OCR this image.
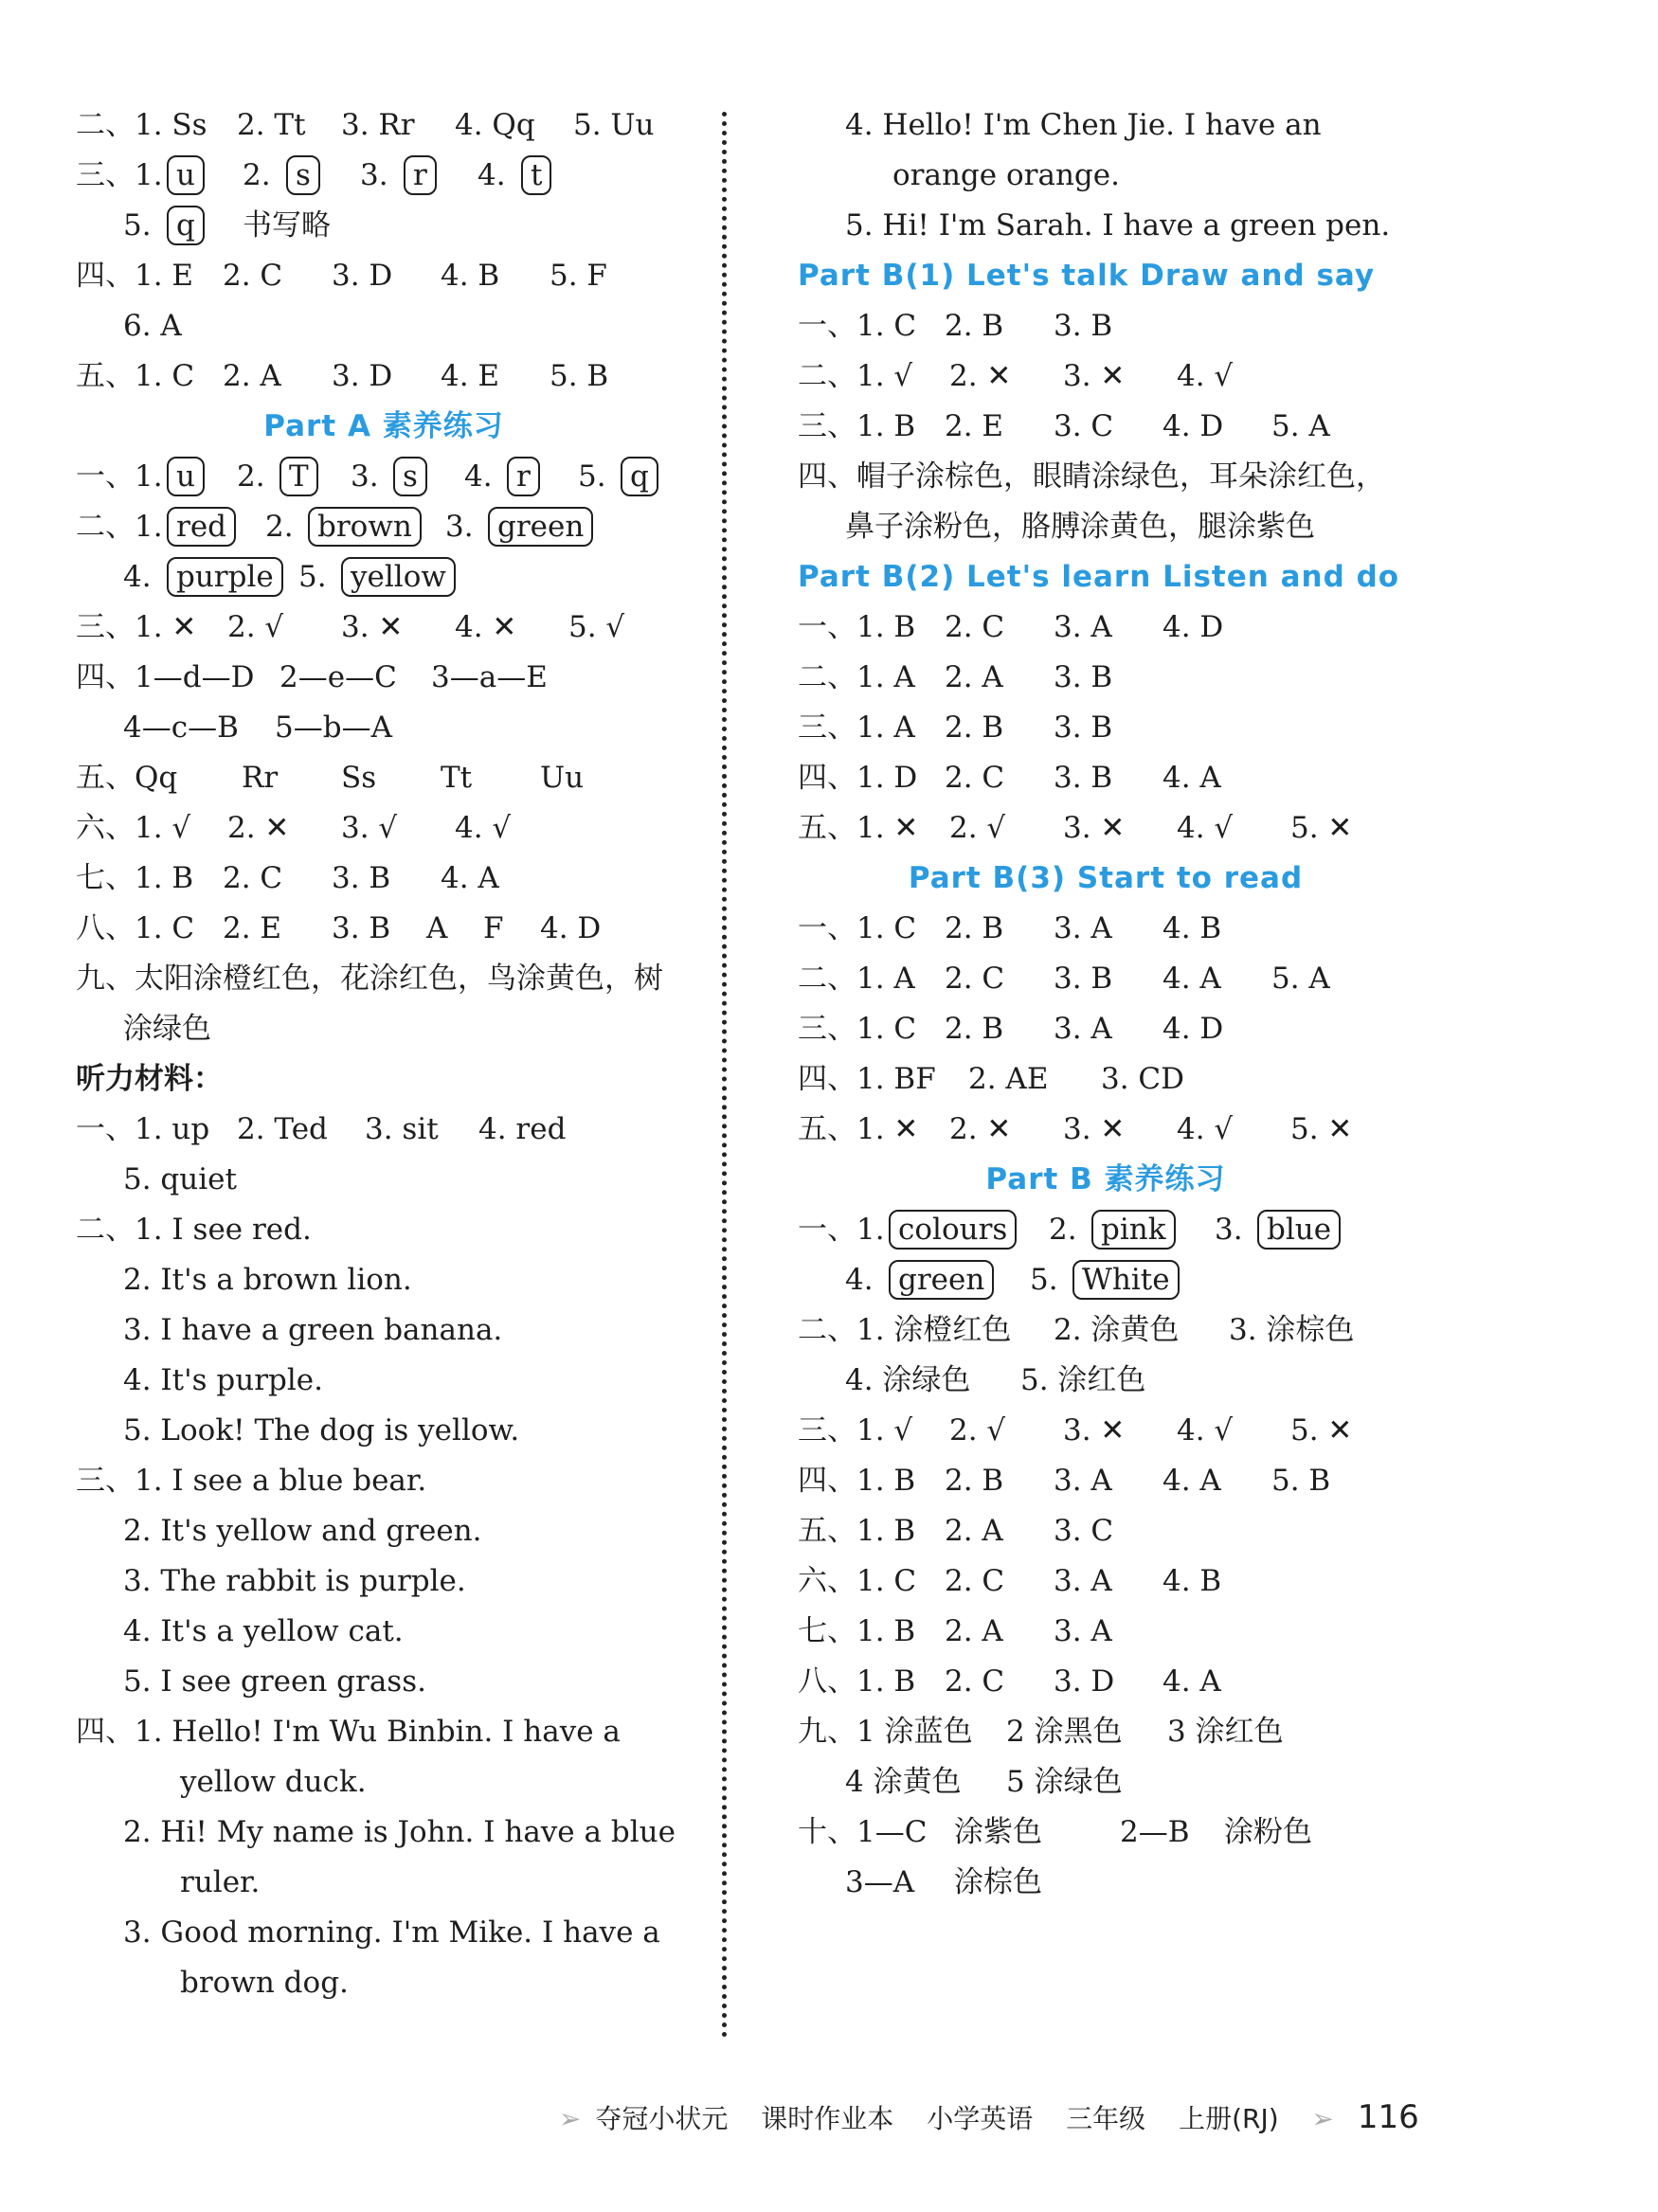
二、1. Ss 2. Tt 3. Rr 4. Qq 5. Uu
三、1. u	2. s	3. r	4. t
5. q	书写略
四、1. E 2. C 3. D 4. B 5. F
6. A
五、1. C 2. A 3. D 4. E 5. B
Part A 素养练习
一、1. u	2. T	3. s	4. r	5. q
二、1. red	2. brown	3. green
4. purple 5. yellow
三、1. ✕ 2. √ 3. ✕ 4. ✕ 5. √
四、1—d—D 2—e—C 3—a—E
4—c—B 5—b—A
五、Qq Rr Ss Tt Uu
六、1. √ 2. ✕ 3. √ 4. √
七、1. B 2. C 3. B 4. A
八、1. C 2. E 3. B A F 4. D
九、太阳涂橙红色，花涂红色，鸟涂黄色，树
涂绿色
听力材料：
一、1. up 2. Ted 3. sit 4. red
5. quiet
二、1. I see red.
2. It's a brown lion.
3. I have a green banana.
4. It's purple.
5. Look! The dog is yellow.
三、1. I see a blue bear.
2. It's yellow and green.
3. The rabbit is purple.
4. It's a yellow cat.
5. I see green grass.
四、1. Hello! I'm Wu Binbin. I have a
yellow duck.
2. Hi! My name is John. I have a blue
ruler.
3. Good morning. I'm Mike. I have a
brown dog.
4. Hello! I'm Chen Jie. I have an
orange orange.
5. Hi! I'm Sarah. I have a green pen.
Part B(1) Let's talk Draw and say
一、1. C 2. B 3. B
二、1. √ 2. ✕ 3. ✕ 4. √
三、1. B 2. E 3. C 4. D 5. A
四、帽子涂棕色，眼睛涂绿色，耳朵涂红色，
鼻子涂粉色，胳膊涂黄色，腿涂紫色
Part B(2) Let's learn Listen and do
一、1. B 2. C 3. A 4. D
二、1. A 2. A 3. B
三、1. A 2. B 3. B
四、1. D 2. C 3. B 4. A
五、1. ✕ 2. √ 3. ✕ 4. √ 5. ✕
Part B(3) Start to read
一、1. C 2. B 3. A 4. B
二、1. A 2. C 3. B 4. A 5. A
三、1. C 2. B 3. A 4. D
四、1. BF 2. AE 3. CD
五、1. ✕ 2. ✕ 3. ✕ 4. √ 5. ✕
Part B 素养练习
一、1. colours	2. pink	3. blue
4. green	5. White
二、1. 涂橙红色 2. 涂黄色 3. 涂棕色
4. 涂绿色 5. 涂红色
三、1. √ 2. √ 3. ✕ 4. √ 5. ✕
四、1. B 2. B 3. A 4. A 5. B
五、1. B 2. A 3. C
六、1. C 2. C 3. A 4. B
七、1. B 2. A 3. A
八、1. B 2. C 3. D 4. A
九、1 涂蓝色 2 涂黑色 3 涂红色
4 涂黄色 5 涂绿色
十、1—C 涂紫色	2—B 涂粉色
3—A 涂棕色
➢ 夺冠小状元 课时作业本 小学英语 三年级 上册(RJ) ➢ 116
